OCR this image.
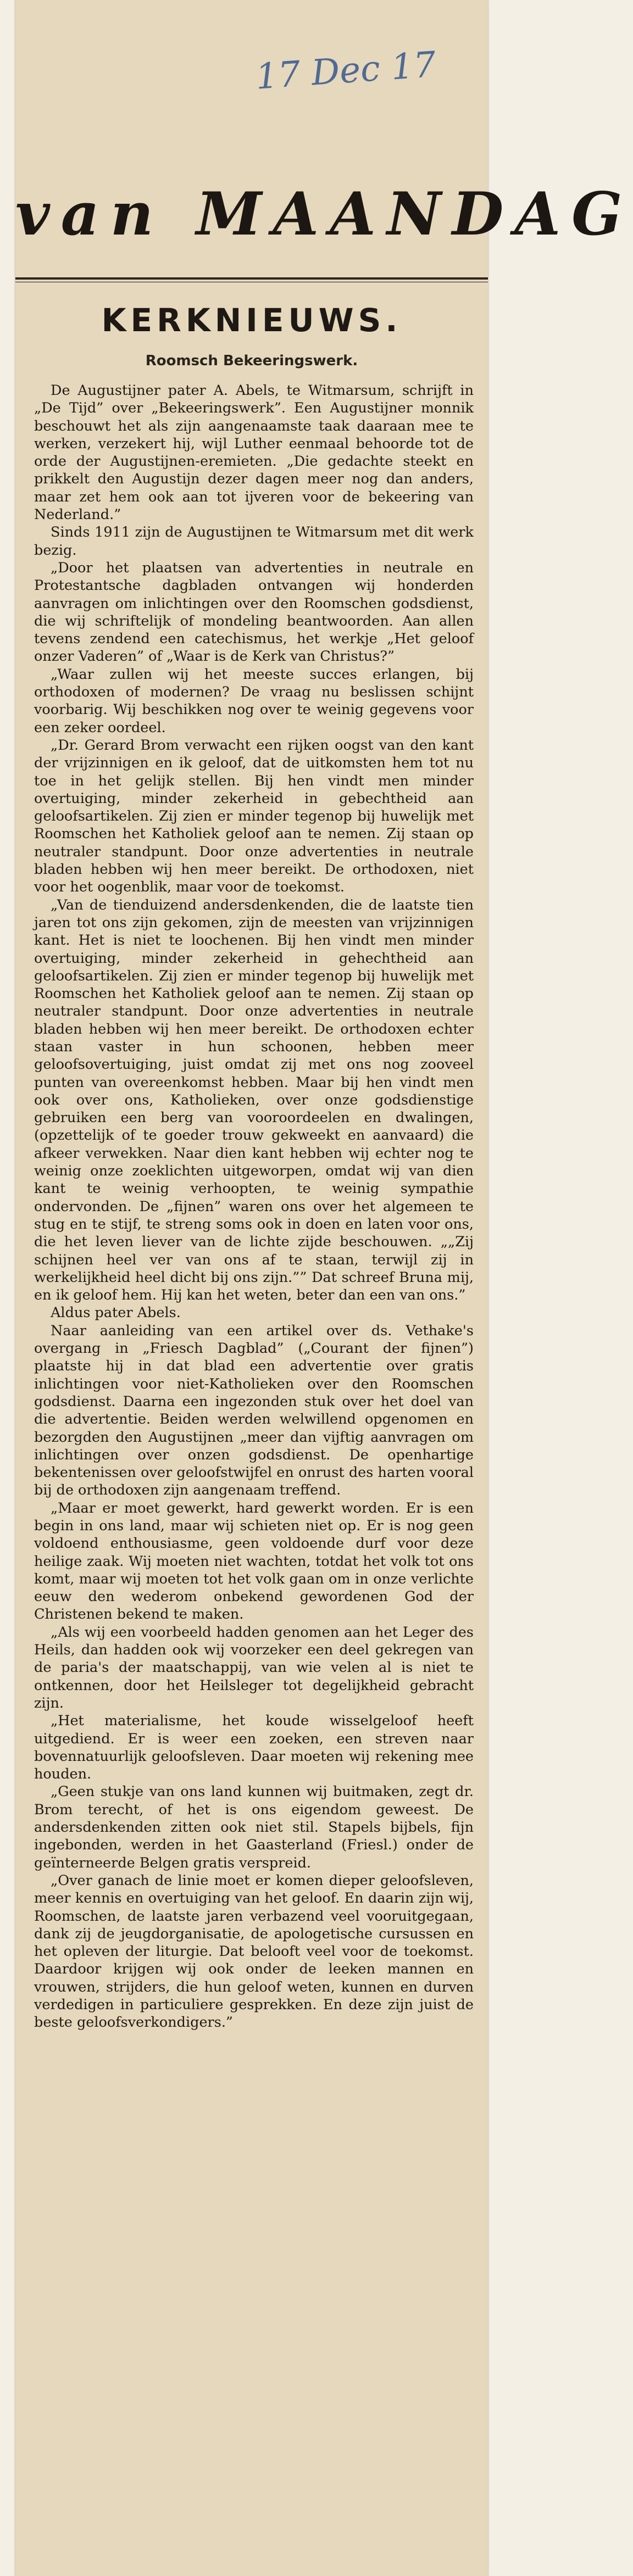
17 Dec 17
van MAANDAG
KERKNIEUWS.
Roomsch Bekeeringswerk.

De Augustijner pater A. Abels, te Witmarsum, schrijft in „De Tijd” over „Bekeeringswerk”. Een Augustijner monnik beschouwt het als zijn aangenaamste taak daaraan mee te werken, verzekert hij, wijl Luther eenmaal behoorde tot de orde der Augustijnen-eremieten. „Die gedachte steekt en prikkelt den Augustijn dezer dagen meer nog dan anders, maar zet hem ook aan tot ijveren voor de bekeering van Nederland.”

Sinds 1911 zijn de Augustijnen te Witmarsum met dit werk bezig.

„Door het plaatsen van advertenties in neutrale en Protestantsche dagbladen ontvangen wij honderden aanvragen om inlichtingen over den Roomschen godsdienst, die wij schriftelijk of mondeling beantwoorden. Aan allen tevens zendend een catechismus, het werkje „Het geloof onzer Vaderen” of „Waar is de Kerk van Christus?”

„Waar zullen wij het meeste succes erlangen, bij orthodoxen of modernen? De vraag nu beslissen schijnt voorbarig. Wij beschikken nog over te weinig gegevens voor een zeker oordeel.

„Dr. Gerard Brom verwacht een rijken oogst van den kant der vrijzinnigen en ik geloof, dat de uitkomsten hem tot nu toe in het gelijk stellen. Bij hen vindt men minder overtuiging, minder zekerheid in gebechtheid aan geloofsartikelen. Zij zien er minder tegenop bij huwelijk met Roomschen het Katholiek geloof aan te nemen. Zij staan op neutraler standpunt. Door onze advertenties in neutrale bladen hebben wij hen meer bereikt. De orthodoxen, niet voor het oogenblik, maar voor de toekomst.

„Van de tienduizend andersdenkenden, die de laatste tien jaren tot ons zijn gekomen, zijn de meesten van vrijzinnigen kant. Het is niet te loochenen. Bij hen vindt men minder overtuiging, minder zekerheid in gehechtheid aan geloofsartikelen. Zij zien er minder tegenop bij huwelijk met Roomschen het Katholiek geloof aan te nemen. Zij staan op neutraler standpunt. Door onze advertenties in neutrale bladen hebben wij hen meer bereikt. De orthodoxen echter staan vaster in hun schoonen, hebben meer geloofsovertuiging, juist omdat zij met ons nog zooveel punten van overeenkomst hebben. Maar bij hen vindt men ook over ons, Katholieken, over onze godsdienstige gebruiken een berg van vooroordeelen en dwalingen, (opzettelijk of te goeder trouw gekweekt en aanvaard) die afkeer verwekken. Naar dien kant hebben wij echter nog te weinig onze zoeklichten uitgeworpen, omdat wij van dien kant te weinig verhoopten, te weinig sympathie ondervonden. De „fijnen” waren ons over het algemeen te stug en te stijf, te streng soms ook in doen en laten voor ons, die het leven liever van de lichte zijde beschouwen. „„Zij schijnen heel ver van ons af te staan, terwijl zij in werkelijkheid heel dicht bij ons zijn.”” Dat schreef Bruna mij, en ik geloof hem. Hij kan het weten, beter dan een van ons.”

Aldus pater Abels.

Naar aanleiding van een artikel over ds. Vethake's overgang in „Friesch Dagblad” („Courant der fijnen”) plaatste hij in dat blad een advertentie over gratis inlichtingen voor niet-Katholieken over den Roomschen godsdienst. Daarna een ingezonden stuk over het doel van die advertentie. Beiden werden welwillend opgenomen en bezorgden den Augustijnen „meer dan vijftig aanvragen om inlichtingen over onzen godsdienst. De openhartige bekentenissen over geloofstwijfel en onrust des harten vooral bij de orthodoxen zijn aangenaam treffend.

„Maar er moet gewerkt, hard gewerkt worden. Er is een begin in ons land, maar wij schieten niet op. Er is nog geen voldoend enthousiasme, geen voldoende durf voor deze heilige zaak. Wij moeten niet wachten, totdat het volk tot ons komt, maar wij moeten tot het volk gaan om in onze verlichte eeuw den wederom onbekend gewordenen God der Christenen bekend te maken.

„Als wij een voorbeeld hadden genomen aan het Leger des Heils, dan hadden ook wij voorzeker een deel gekregen van de paria's der maatschappij, van wie velen al is niet te ontkennen, door het Heilsleger tot degelijkheid gebracht zijn.

„Het materialisme, het koude wisselgeloof heeft uitgediend. Er is weer een zoeken, een streven naar bovennatuurlijk geloofsleven. Daar moeten wij rekening mee houden.

„Geen stukje van ons land kunnen wij buitmaken, zegt dr. Brom terecht, of het is ons eigendom geweest. De andersdenkenden zitten ook niet stil. Stapels bijbels, fijn ingebonden, werden in het Gaasterland (Friesl.) onder de geïnterneerde Belgen gratis verspreid.

„Over ganach de linie moet er komen dieper geloofsleven, meer kennis en overtuiging van het geloof. En daarin zijn wij, Roomschen, de laatste jaren verbazend veel vooruitgegaan, dank zij de jeugdorganisatie, de apologetische cursussen en het opleven der liturgie. Dat belooft veel voor de toekomst. Daardoor krijgen wij ook onder de leeken mannen en vrouwen, strijders, die hun geloof weten, kunnen en durven verdedigen in particuliere gesprekken. En deze zijn juist de beste geloofsverkondigers.”
